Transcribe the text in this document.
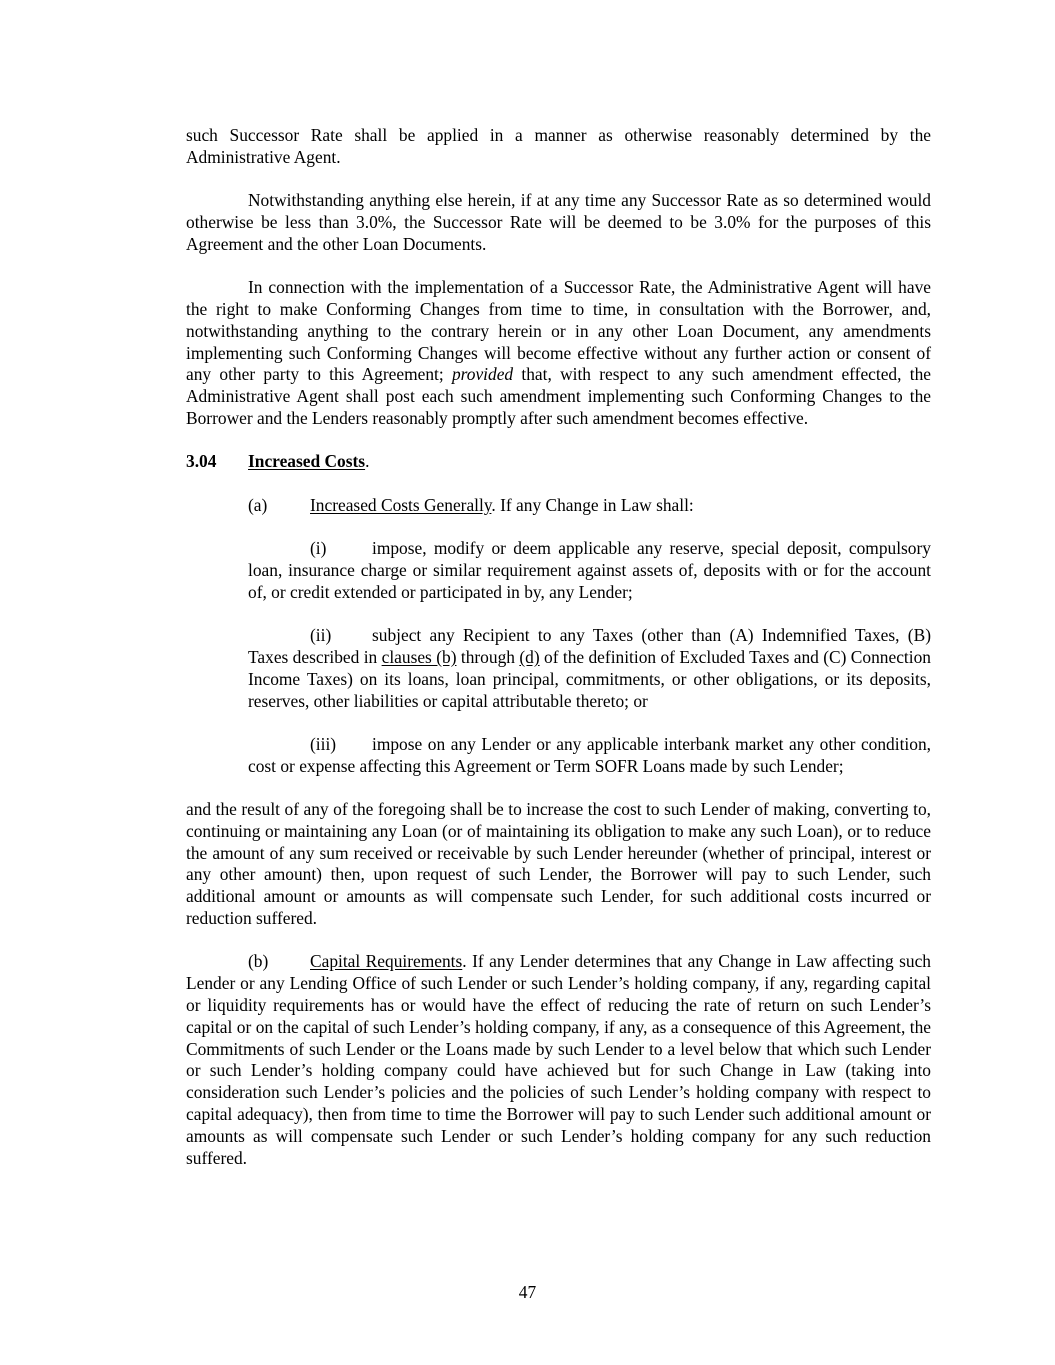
such Successor Rate shall be applied in a manner as otherwise reasonably determined by the Administrative Agent.

Notwithstanding anything else herein, if at any time any Successor Rate as so determined would otherwise be less than 3.0%, the Successor Rate will be deemed to be 3.0% for the purposes of this Agreement and the other Loan Documents.

In connection with the implementation of a Successor Rate, the Administrative Agent will have the right to make Conforming Changes from time to time, in consultation with the Borrower, and, notwithstanding anything to the contrary herein or in any other Loan Document, any amendments implementing such Conforming Changes will become effective without any further action or consent of any other party to this Agreement; provided that, with respect to any such amendment effected, the Administrative Agent shall post each such amendment implementing such Conforming Changes to the Borrower and the Lenders reasonably promptly after such amendment becomes effective.

3.04 Increased Costs.

(a) Increased Costs Generally. If any Change in Law shall:

(i)	impose, modify or deem applicable any reserve, special deposit, compulsory loan, insurance charge or similar requirement against assets of, deposits with or for the account of, or credit extended or participated in by, any Lender;

(ii) subject any Recipient to any Taxes (other than (A) Indemnified Taxes, (B) Taxes described in clauses (b) through (d) of the definition of Excluded Taxes and (C) Connection Income Taxes) on its loans, loan principal, commitments, or other obligations, or its deposits, reserves, other liabilities or capital attributable thereto; or

(iii) impose on any Lender or any applicable interbank market any other condition, cost or expense affecting this Agreement or Term SOFR Loans made by such Lender;

and the result of any of the foregoing shall be to increase the cost to such Lender of making, converting to, continuing or maintaining any Loan (or of maintaining its obligation to make any such Loan), or to reduce the amount of any sum received or receivable by such Lender hereunder (whether of principal, interest or any other amount) then, upon request of such Lender, the Borrower will pay to such Lender, such additional amount or amounts as will compensate such Lender, for such additional costs incurred or reduction suffered.

(b) Capital Requirements. If any Lender determines that any Change in Law affecting such Lender or any Lending Office of such Lender or such Lender’s holding company, if any, regarding capital or liquidity requirements has or would have the effect of reducing the rate of return on such Lender’s capital or on the capital of such Lender’s holding company, if any, as a consequence of this Agreement, the Commitments of such Lender or the Loans made by such Lender to a level below that which such Lender or such Lender’s holding company could have achieved but for such Change in Law (taking into consideration such Lender’s policies and the policies of such Lender’s holding company with respect to capital adequacy), then from time to time the Borrower will pay to such Lender such additional amount or amounts as will compensate such Lender or such Lender’s holding company for any such reduction suffered.

47
